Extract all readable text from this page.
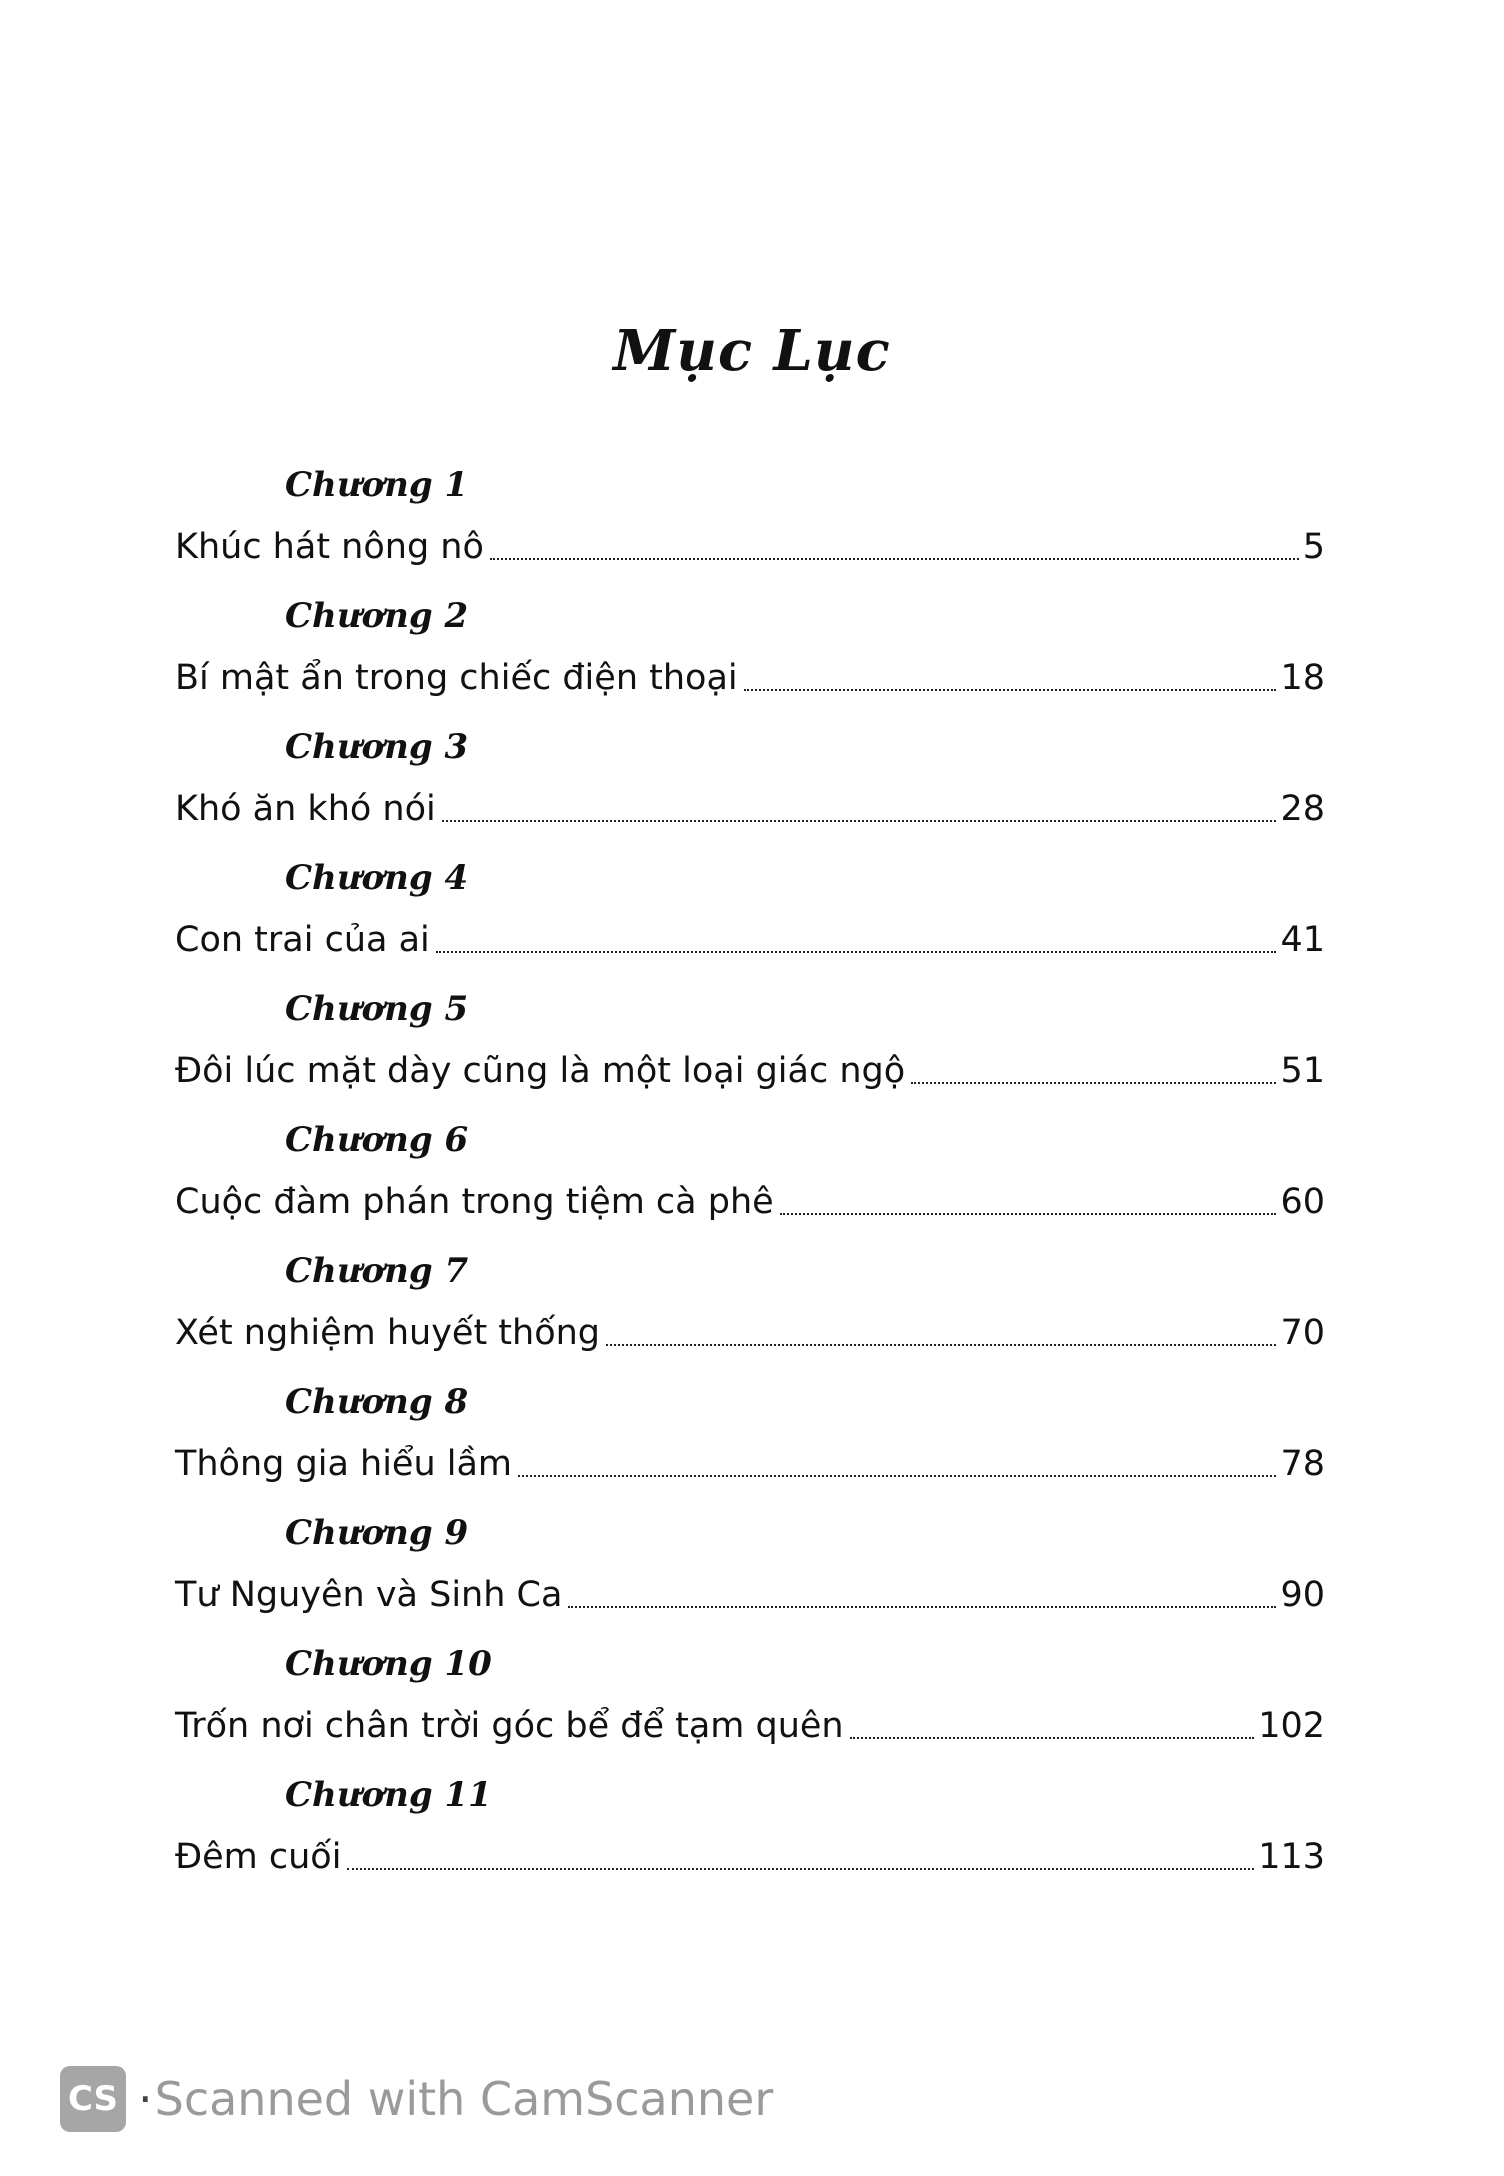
Mục Lục
Chương 1
Khúc hát nông nô	5
Chương 2
Bí mật ẩn trong chiếc điện thoại	18
Chương 3
Khó ăn khó nói	28
Chương 4
Con trai của ai	41
Chương 5
Đôi lúc mặt dày cũng là một loại giác ngộ	51
Chương 6
Cuộc đàm phán trong tiệm cà phê	60
Chương 7
Xét nghiệm huyết thống	70
Chương 8
Thông gia hiểu lầm	78
Chương 9
Tư Nguyên và Sinh Ca	90
Chương 10
Trốn nơi chân trời góc bể để tạm quên	102
Chương 11
Đêm cuối	113
CS · Scanned with CamScanner
